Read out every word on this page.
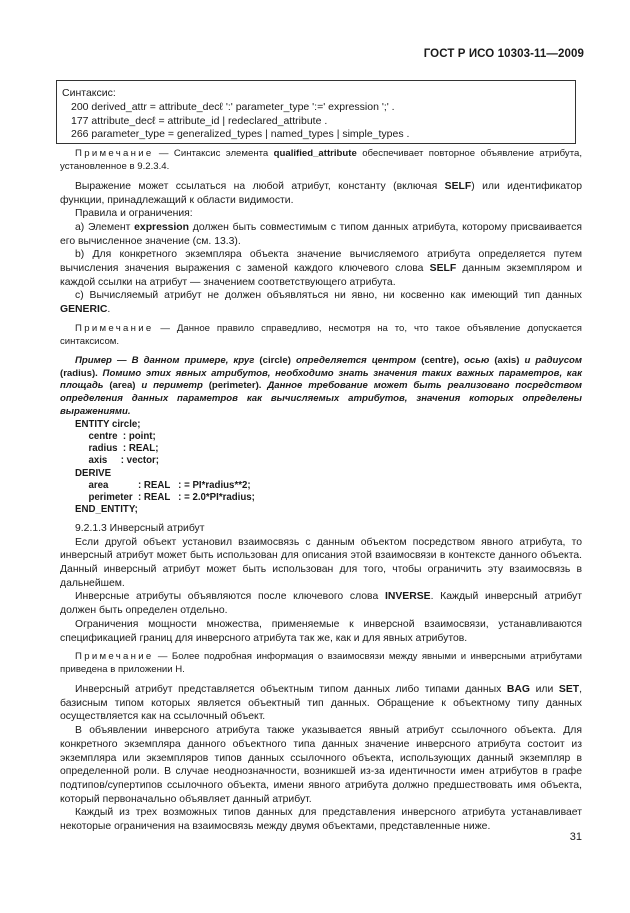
ГОСТ Р ИСО 10303-11—2009
Синтаксис:
200 derived_attr = attribute_decℓ ':' parameter_type ':=' expression ';' .
177 attribute_decℓ = attribute_id | redeclared_attribute .
266 parameter_type = generalized_types | named_types | simple_types .

Примечание — Синтаксис элемента qualified_attribute обеспечивает повторное объявление атрибута, установленное в 9.2.3.4.

Выражение может ссылаться на любой атрибут, константу (включая SELF) или идентификатор функции, принадлежащий к области видимости.

Правила и ограничения:

a) Элемент expression должен быть совместимым с типом данных атрибута, которому присваивается его вычисленное значение (см. 13.3).

b) Для конкретного экземпляра объекта значение вычисляемого атрибута определяется путем вычисления значения выражения с заменой каждого ключевого слова SELF данным экземпляром и каждой ссылки на атрибут — значением соответствующего атрибута.

c) Вычисляемый атрибут не должен объявляться ни явно, ни косвенно как имеющий тип данных GENERIC.

Примечание — Данное правило справедливо, несмотря на то, что такое объявление допускается синтаксисом.

Пример — В данном примере, круг (circle) определяется центром (centre), осью (axis) и радиусом (radius). Помимо этих явных атрибутов, необходимо знать значения таких важных параметров, как площадь (area) и периметр (perimeter). Данное требование может быть реализовано посредством определения данных параметров как вычисляемых атрибутов, значения которых определены выражениями.

ENTITY circle;
centre  : point;
radius  : REAL;
axis     : vector;
DERIVE
area           : REAL   : = PI*radius**2;
perimeter  : REAL   : = 2.0*PI*radius;
END_ENTITY;

9.2.1.3 Инверсный атрибут

Если другой объект установил взаимосвязь с данным объектом посредством явного атрибута, то инверсный атрибут может быть использован для описания этой взаимосвязи в контексте данного объекта. Данный инверсный атрибут может быть использован для того, чтобы ограничить эту взаимосвязь в дальнейшем.

Инверсные атрибуты объявляются после ключевого слова INVERSE. Каждый инверсный атрибут должен быть определен отдельно.

Ограничения мощности множества, применяемые к инверсной взаимосвязи, устанавливаются спецификацией границ для инверсного атрибута так же, как и для явных атрибутов.

Примечание — Более подробная информация о взаимосвязи между явными и инверсными атрибутами приведена в приложении Н.

Инверсный атрибут представляется объектным типом данных либо типами данных BAG или SET, базисным типом которых является объектный тип данных. Обращение к объектному типу данных осуществляется как на ссылочный объект.

В объявлении инверсного атрибута также указывается явный атрибут ссылочного объекта. Для конкретного экземпляра данного объектного типа данных значение инверсного атрибута состоит из экземпляра или экземпляров типов данных ссылочного объекта, использующих данный экземпляр в определенной роли. В случае неоднозначности, возникшей из-за идентичности имен атрибутов в графе подтипов/супертипов ссылочного объекта, имени явного атрибута должно предшествовать имя объекта, который первоначально объявляет данный атрибут.

Каждый из трех возможных типов данных для представления инверсного атрибута устанавливает некоторые ограничения на взаимосвязь между двумя объектами, представленные ниже.

31
